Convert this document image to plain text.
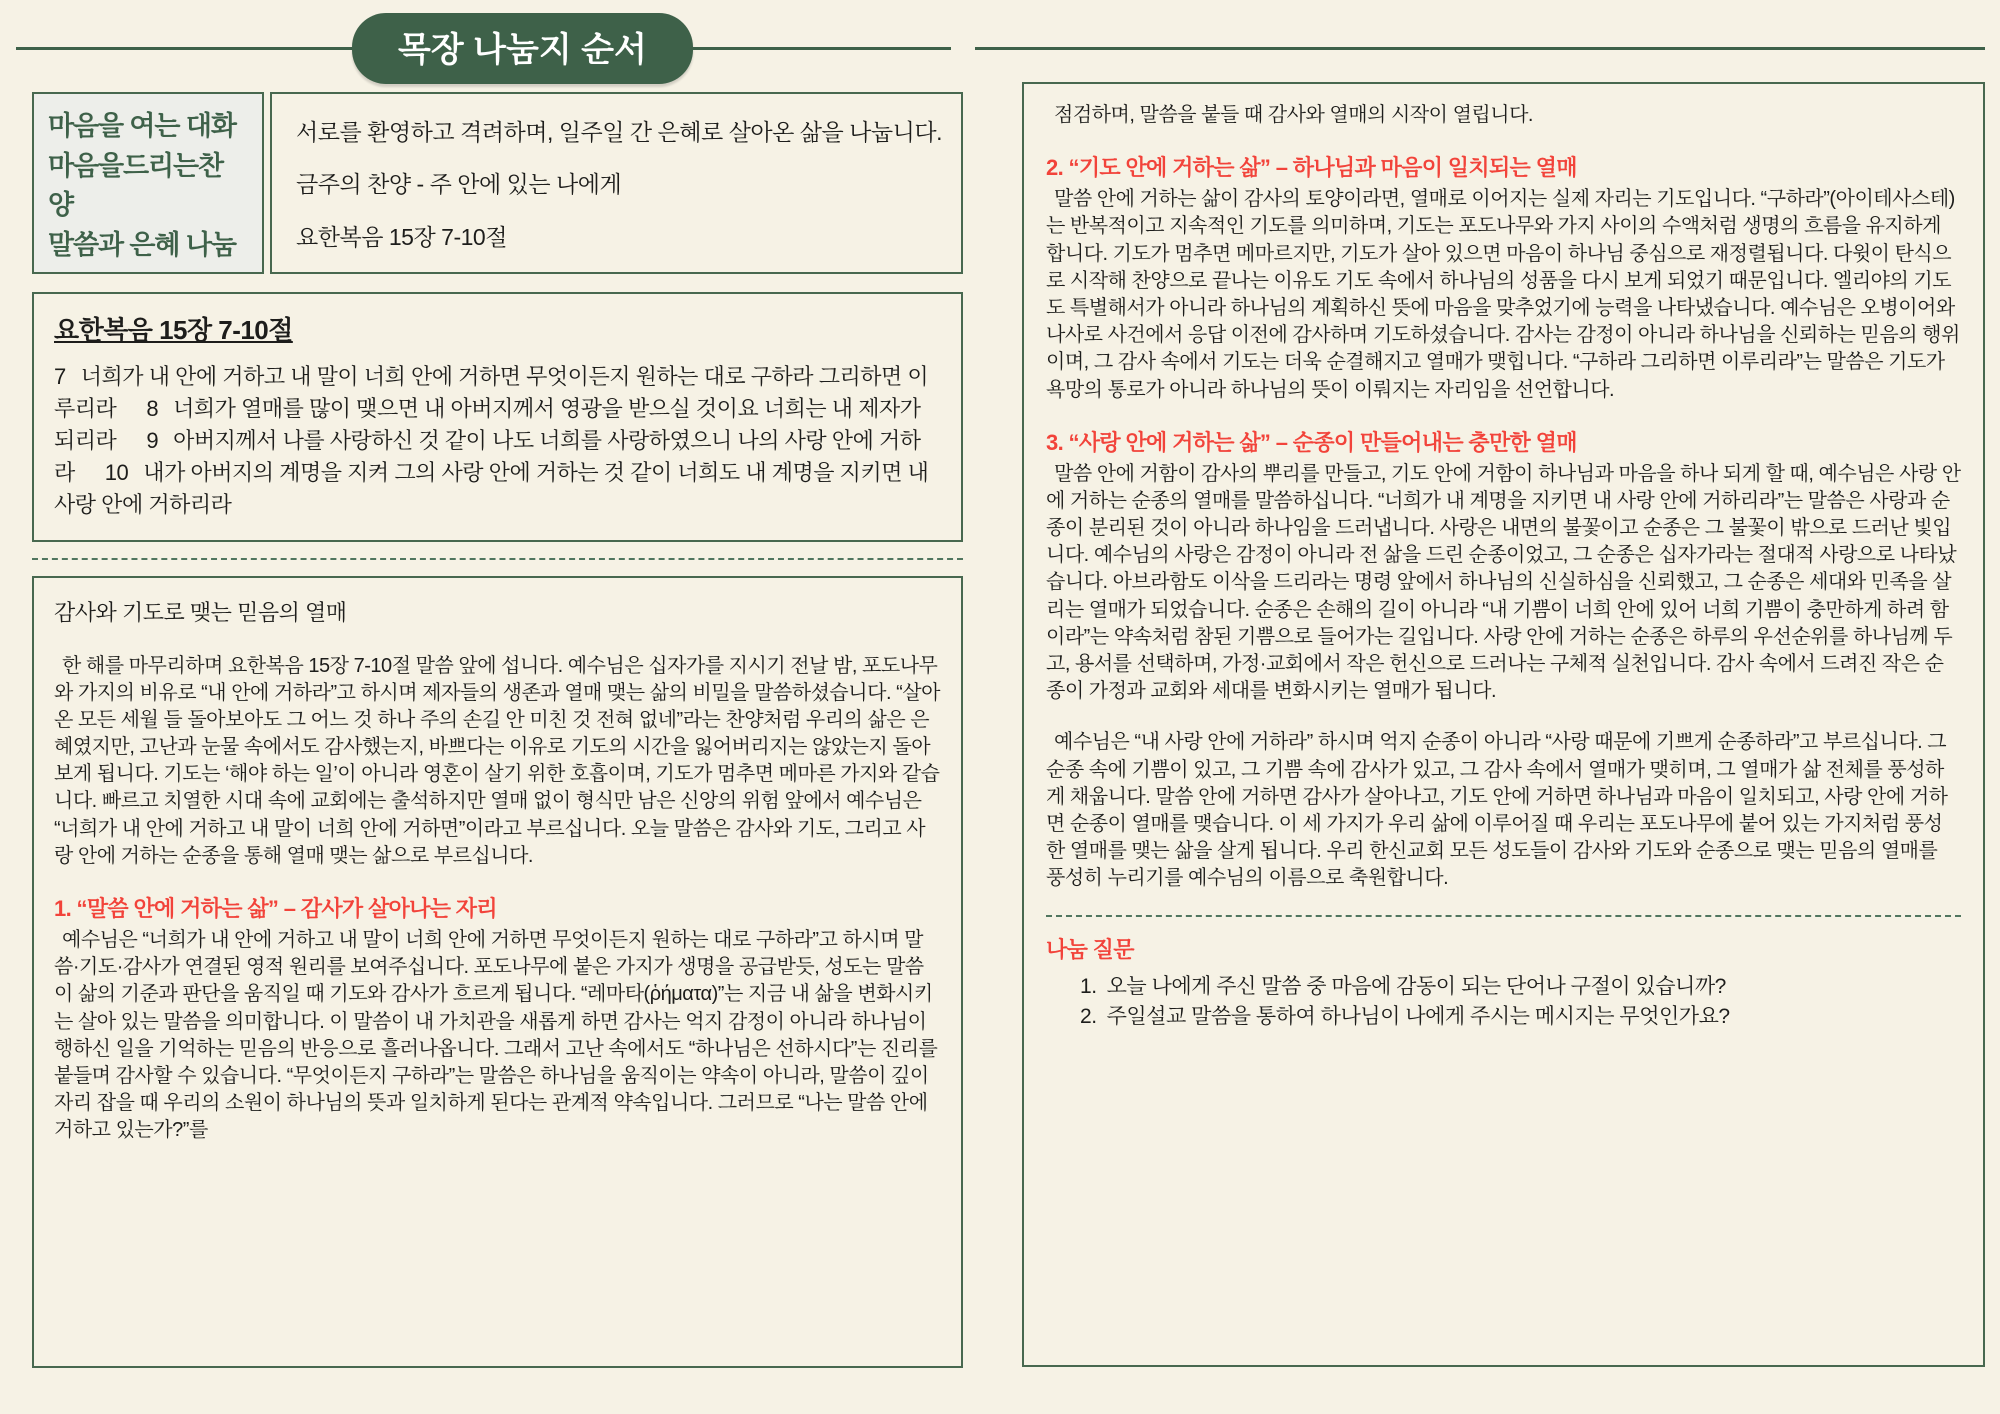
목장 나눔지 순서
마음을 여는 대화
마음을드리는찬양
말씀과 은혜 나눔
서로를 환영하고 격려하며, 일주일 간 은혜로 살아온 삶을 나눕니다.
금주의 찬양 - 주 안에 있는 나에게
요한복음 15장 7-10절
요한복음 15장 7-10절

7 너희가 내 안에 거하고 내 말이 너희 안에 거하면 무엇이든지 원하는 대로 구하라 그리하면 이루리라 8 너희가 열매를 많이 맺으면 내 아버지께서 영광을 받으실 것이요 너희는 내 제자가 되리라 9 아버지께서 나를 사랑하신 것 같이 나도 너희를 사랑하였으니 나의 사랑 안에 거하라 10 내가 아버지의 계명을 지켜 그의 사랑 안에 거하는 것 같이 너희도 내 계명을 지키면 내 사랑 안에 거하리라

감사와 기도로 맺는 믿음의 열매

한 해를 마무리하며 요한복음 15장 7-10절 말씀 앞에 섭니다. 예수님은 십자가를 지시기 전날 밤, 포도나무와 가지의 비유로 “내 안에 거하라”고 하시며 제자들의 생존과 열매 맺는 삶의 비밀을 말씀하셨습니다. “살아온 모든 세월 들 돌아보아도 그 어느 것 하나 주의 손길 안 미친 것 전혀 없네”라는 찬양처럼 우리의 삶은 은혜였지만, 고난과 눈물 속에서도 감사했는지, 바쁘다는 이유로 기도의 시간을 잃어버리지는 않았는지 돌아보게 됩니다. 기도는 ‘해야 하는 일’이 아니라 영혼이 살기 위한 호흡이며, 기도가 멈추면 메마른 가지와 같습니다. 빠르고 치열한 시대 속에 교회에는 출석하지만 열매 없이 형식만 남은 신앙의 위험 앞에서 예수님은 “너희가 내 안에 거하고 내 말이 너희 안에 거하면”이라고 부르십니다. 오늘 말씀은 감사와 기도, 그리고 사랑 안에 거하는 순종을 통해 열매 맺는 삶으로 부르십니다.

1. “말씀 안에 거하는 삶” – 감사가 살아나는 자리

예수님은 “너희가 내 안에 거하고 내 말이 너희 안에 거하면 무엇이든지 원하는 대로 구하라”고 하시며 말씀·기도·감사가 연결된 영적 원리를 보여주십니다. 포도나무에 붙은 가지가 생명을 공급받듯, 성도는 말씀이 삶의 기준과 판단을 움직일 때 기도와 감사가 흐르게 됩니다. “레마타(ῥήματα)”는 지금 내 삶을 변화시키는 살아 있는 말씀을 의미합니다. 이 말씀이 내 가치관을 새롭게 하면 감사는 억지 감정이 아니라 하나님이 행하신 일을 기억하는 믿음의 반응으로 흘러나옵니다. 그래서 고난 속에서도 “하나님은 선하시다”는 진리를 붙들며 감사할 수 있습니다. “무엇이든지 구하라”는 말씀은 하나님을 움직이는 약속이 아니라, 말씀이 깊이 자리 잡을 때 우리의 소원이 하나님의 뜻과 일치하게 된다는 관계적 약속입니다. 그러므로 “나는 말씀 안에 거하고 있는가?”를

점검하며, 말씀을 붙들 때 감사와 열매의 시작이 열립니다.

2. “기도 안에 거하는 삶” – 하나님과 마음이 일치되는 열매

말씀 안에 거하는 삶이 감사의 토양이라면, 열매로 이어지는 실제 자리는 기도입니다. “구하라”(아이테사스테)는 반복적이고 지속적인 기도를 의미하며, 기도는 포도나무와 가지 사이의 수액처럼 생명의 흐름을 유지하게 합니다. 기도가 멈추면 메마르지만, 기도가 살아 있으면 마음이 하나님 중심으로 재정렬됩니다. 다윗이 탄식으로 시작해 찬양으로 끝나는 이유도 기도 속에서 하나님의 성품을 다시 보게 되었기 때문입니다. 엘리야의 기도도 특별해서가 아니라 하나님의 계획하신 뜻에 마음을 맞추었기에 능력을 나타냈습니다. 예수님은 오병이어와 나사로 사건에서 응답 이전에 감사하며 기도하셨습니다. 감사는 감정이 아니라 하나님을 신뢰하는 믿음의 행위이며, 그 감사 속에서 기도는 더욱 순결해지고 열매가 맺힙니다. “구하라 그리하면 이루리라”는 말씀은 기도가 욕망의 통로가 아니라 하나님의 뜻이 이뤄지는 자리임을 선언합니다.

3. “사랑 안에 거하는 삶” – 순종이 만들어내는 충만한 열매

말씀 안에 거함이 감사의 뿌리를 만들고, 기도 안에 거함이 하나님과 마음을 하나 되게 할 때, 예수님은 사랑 안에 거하는 순종의 열매를 말씀하십니다. “너희가 내 계명을 지키면 내 사랑 안에 거하리라”는 말씀은 사랑과 순종이 분리된 것이 아니라 하나임을 드러냅니다. 사랑은 내면의 불꽃이고 순종은 그 불꽃이 밖으로 드러난 빛입니다. 예수님의 사랑은 감정이 아니라 전 삶을 드린 순종이었고, 그 순종은 십자가라는 절대적 사랑으로 나타났습니다. 아브라함도 이삭을 드리라는 명령 앞에서 하나님의 신실하심을 신뢰했고, 그 순종은 세대와 민족을 살리는 열매가 되었습니다. 순종은 손해의 길이 아니라 “내 기쁨이 너희 안에 있어 너희 기쁨이 충만하게 하려 함이라”는 약속처럼 참된 기쁨으로 들어가는 길입니다. 사랑 안에 거하는 순종은 하루의 우선순위를 하나님께 두고, 용서를 선택하며, 가정·교회에서 작은 헌신으로 드러나는 구체적 실천입니다. 감사 속에서 드려진 작은 순종이 가정과 교회와 세대를 변화시키는 열매가 됩니다.

예수님은 “내 사랑 안에 거하라” 하시며 억지 순종이 아니라 “사랑 때문에 기쁘게 순종하라”고 부르십니다. 그 순종 속에 기쁨이 있고, 그 기쁨 속에 감사가 있고, 그 감사 속에서 열매가 맺히며, 그 열매가 삶 전체를 풍성하게 채웁니다. 말씀 안에 거하면 감사가 살아나고, 기도 안에 거하면 하나님과 마음이 일치되고, 사랑 안에 거하면 순종이 열매를 맺습니다. 이 세 가지가 우리 삶에 이루어질 때 우리는 포도나무에 붙어 있는 가지처럼 풍성한 열매를 맺는 삶을 살게 됩니다. 우리 한신교회 모든 성도들이 감사와 기도와 순종으로 맺는 믿음의 열매를 풍성히 누리기를 예수님의 이름으로 축원합니다.

나눔 질문

1. 오늘 나에게 주신 말씀 중 마음에 감동이 되는 단어나 구절이 있습니까?
2. 주일설교 말씀을 통하여 하나님이 나에게 주시는 메시지는 무엇인가요?
